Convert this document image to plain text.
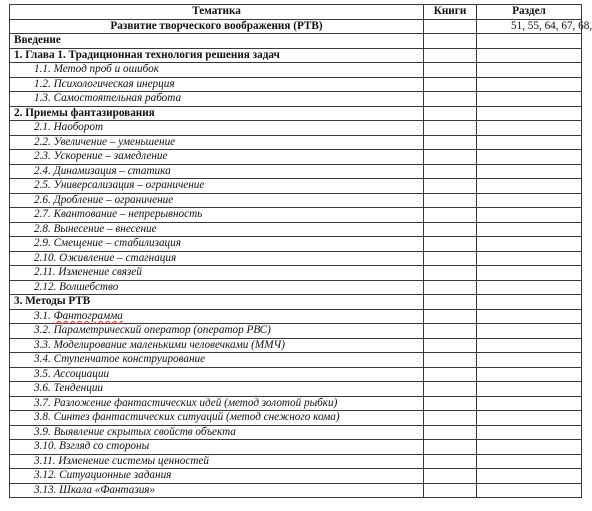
Тематика	Книги	Раздел
Развитие творческого воображения (РТВ)		51, 55, 64, 67, 68,
Введение		
1. Глава 1. Традиционная технология решения задач		
1.1. Метод проб и ошибок		
1.2. Психологическая инерция		
1.3. Самостоятельная работа		
2. Приемы фантазирования		
2.1. Наоборот		
2.2. Увеличение – уменьшение		
2.3. Ускорение – замедление		
2.4. Динамизация – статика		
2.5. Универсализация – ограничение		
2.6. Дробление – ограничение		
2.7. Квантование – непрерывность		
2.8. Вынесение – внесение		
2.9. Смещение – стабилизация		
2.10. Оживление – стагнация		
2.11. Изменение связей		
2.12. Волшебство		
3. Методы РТВ		
3.1. Фантограмма		
3.2. Параметрический оператор (оператор РВС)		
3.3. Моделирование маленькими человечками (ММЧ)		
3.4. Ступенчатое конструирование		
3.5. Ассоциации		
3.6. Тенденции		
3.7. Разложение фантастических идей (метод золотой рыбки)		
3.8. Синтез фантастических ситуаций (метод снежного кома)		
3.9. Выявление скрытых свойств объекта		
3.10. Взгляд со стороны		
3.11. Изменение системы ценностей		
3.12. Ситуационные задания		
3.13. Шкала «Фантазия»		
